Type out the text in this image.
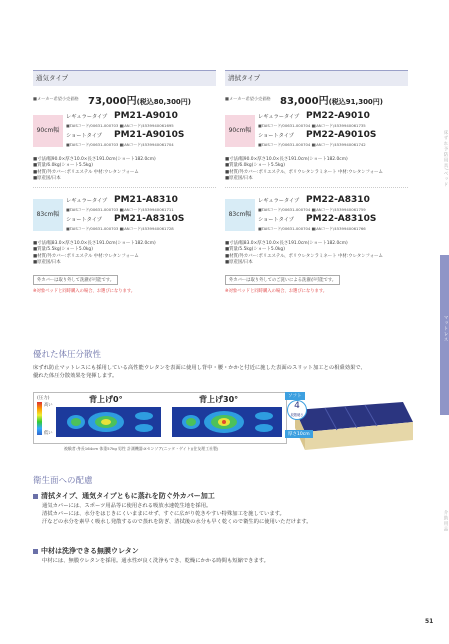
通気タイプ
■メーカー希望小売価格 73,000円(税込80,300円)
90cm幅
レギュラータイプ PM21-A9010
■TAISコード/00631-000703 ■JANコード/4539940061695
ショートタイプ PM21-A9010S
■TAISコード/00631-000703 ■JANコード/4539940061704
■寸法/幅90.0×厚さ10.0×長さ191.0cm(ショート182.0cm)
■質量/6.0kg(ショート5.5kg)
■材質/外カバー:ポリエステル 中材:ウレタンフォーム
■原産国/日本
83cm幅
レギュラータイプ PM21-A8310
■TAISコード/00631-000703 ■JANコード/4539940061711
ショートタイプ PM21-A8310S
■TAISコード/00631-000703 ■JANコード/4539940061728
■寸法/幅83.0×厚さ10.0×長さ191.0cm(ショート182.0cm)
■質量/5.5kg(ショート5.0kg)
■材質/外カバー:ポリエステル 中材:ウレタンフォーム
■原産国/日本
外カバーは取り外して洗濯が可能です。
※対象ベッドと同時購入の場合、お選びになります。
清拭タイプ
■メーカー希望小売価格 83,000円(税込91,300円)
90cm幅
レギュラータイプ PM22-A9010
■TAISコード/00631-000704 ■JANコード/4539940061735
ショートタイプ PM22-A9010S
■TAISコード/00631-000704 ■JANコード/4539940061742
■寸法/幅90.0×厚さ10.0×長さ191.0cm(ショート182.0cm)
■質量/6.0kg(ショート5.5kg)
■材質/外カバー:ポリエステル、ポリウレタンラミネート 中材:ウレタンフォーム
■原産国/日本
83cm幅
レギュラータイプ PM22-A8310
■TAISコード/00631-000704 ■JANコード/4539940061759
ショートタイプ PM22-A8310S
■TAISコード/00631-000704 ■JANコード/4539940061766
■寸法/幅83.0×厚さ10.0×長さ191.0cm(ショート182.0cm)
■質量/5.5kg(ショート5.0kg)
■材質/外カバー:ポリエステル、ポリウレタンラミネート 中材:ウレタンフォーム
■原産国/日本
外カバーは取り外してのご洗いによる洗濯が可能です。
※対象ベッドと同時購入の場合、お選びになります。
床ずれ予防用具/ベッド
マットレス
介助用品
優れた体圧分散性
床ずれ防止マットレスにも採用している高性能ウレタンを表面に使用し背中・腰・かかと付近に施した表面のスリット加工との相乗効果で、
優れた体圧分散効果を発揮します。
(圧力)
高い
低い
背上げ0°	背上げ30°
被験者:身長164cm 体重57kg 男性 計測機器:Xセンソア(ニッタ・ゲイト)(住友理工社製)
ソフト
4
段階硬さ
厚さ10cm
衛生面への配慮
清拭タイプ、通気タイプともに蒸れを防ぐ外カバー加工
通気カバーには、スポーツ用品等に使用される吸放水速乾生地を採用。
清拭カバーには、水分をはじきにくいままにせず、すぐに広がり乾きやすい特殊加工を施しています。
汗などの水分を素早く吸水し発散するので蒸れを防ぎ、清拭後の水分も早く乾くので衛生的に使用いただけます。
中材は洗浄できる無膜ウレタン
中材には、無膜ウレタンを採用。通水性が良く洗浄もでき、乾燥にかかる時間も短縮できます。
51
